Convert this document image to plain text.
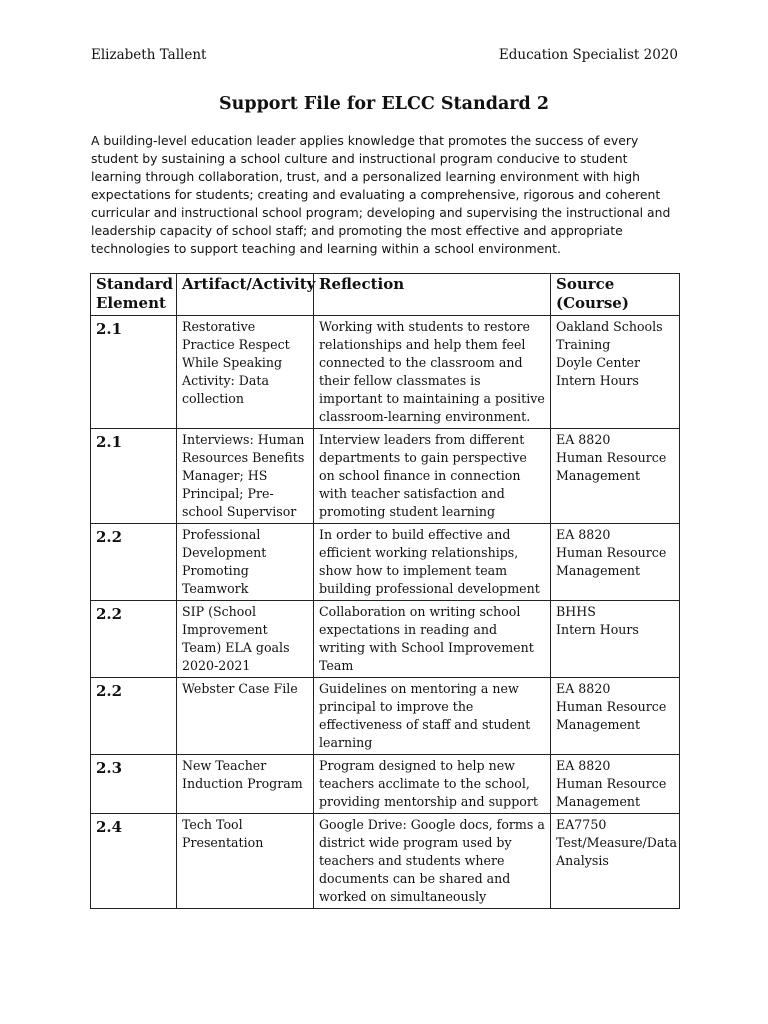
Elizabeth Tallent	Education Specialist 2020
Support File for ELCC Standard 2

A building-level education leader applies knowledge that promotes the success of every student by sustaining a school culture and instructional program conducive to student learning through collaboration, trust, and a personalized learning environment with high expectations for students; creating and evaluating a comprehensive, rigorous and coherent curricular and instructional school program; developing and supervising the instructional and leadership capacity of school staff; and promoting the most effective and appropriate technologies to support teaching and learning within a school environment.

Standard Element	Artifact/Activity	Reflection	Source (Course)
2.1	Restorative Practice Respect While Speaking Activity: Data collection	Working with students to restore relationships and help them feel connected to the classroom and their fellow classmates is important to maintaining a positive classroom-learning environment.	Oakland Schools Training
Doyle Center
Intern Hours
2.1	Interviews: Human Resources Benefits Manager; HS Principal; Pre-school Supervisor	Interview leaders from different departments to gain perspective on school finance in connection with teacher satisfaction and promoting student learning	EA 8820
Human Resource Management
2.2	Professional Development Promoting Teamwork	In order to build effective and efficient working relationships, show how to implement team building professional development	EA 8820
Human Resource Management
2.2	SIP (School Improvement Team) ELA goals 2020-2021	Collaboration on writing school expectations in reading and writing with School Improvement Team	BHHS
Intern Hours
2.2	Webster Case File	Guidelines on mentoring a new principal to improve the effectiveness of staff and student learning	EA 8820
Human Resource Management
2.3	New Teacher Induction Program	Program designed to help new teachers acclimate to the school, providing mentorship and support	EA 8820
Human Resource Management
2.4	Tech Tool Presentation	Google Drive: Google docs, forms a district wide program used by teachers and students where documents can be shared and worked on simultaneously	EA7750
Test/Measure/Data Analysis
